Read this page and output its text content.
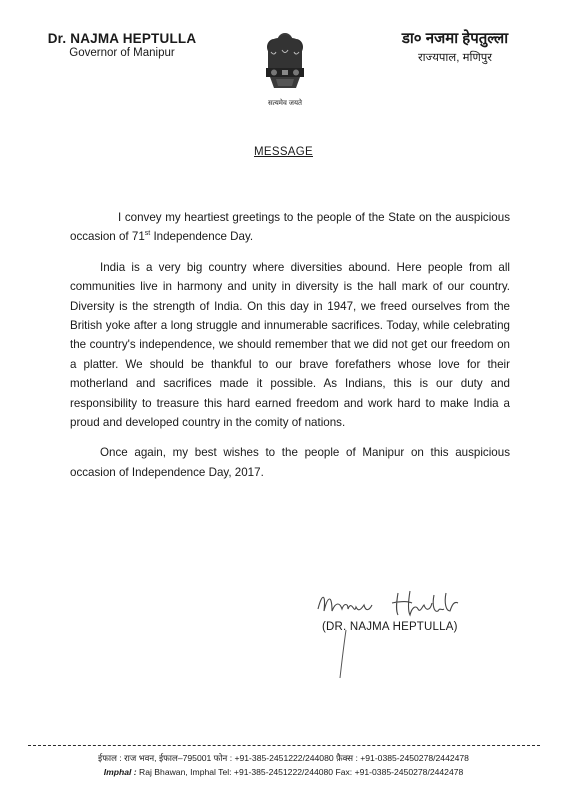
Dr. NAJMA HEPTULLA
Governor of Manipur
सत्यमेव जयते
डा० नजमा हेपतुल्ला
राज्यपाल, मणिपुर
MESSAGE

I convey my heartiest greetings to the people of the State on the auspicious occasion of 71st Independence Day.

India is a very big country where diversities abound. Here people from all communities live in harmony and unity in diversity is the hall mark of our country. Diversity is the strength of India. On this day in 1947, we freed ourselves from the British yoke after a long struggle and innumerable sacrifices. Today, while celebrating the country's independence, we should remember that we did not get our freedom on a platter. We should be thankful to our brave forefathers whose love for their motherland and sacrifices made it possible. As Indians, this is our duty and responsibility to treasure this hard earned freedom and work hard to make India a proud and developed country in the comity of nations.

Once again, my best wishes to the people of Manipur on this auspicious occasion of Independence Day, 2017.

(DR. NAJMA HEPTULLA)
ईफाल : राज भवन, ईफाल–795001 फोन : +91-385-2451222/244080 फ़ैक्स : +91-0385-2450278/2442478
Imphal : Raj Bhawan, Imphal Tel: +91-385-2451222/244080 Fax: +91-0385-2450278/2442478
